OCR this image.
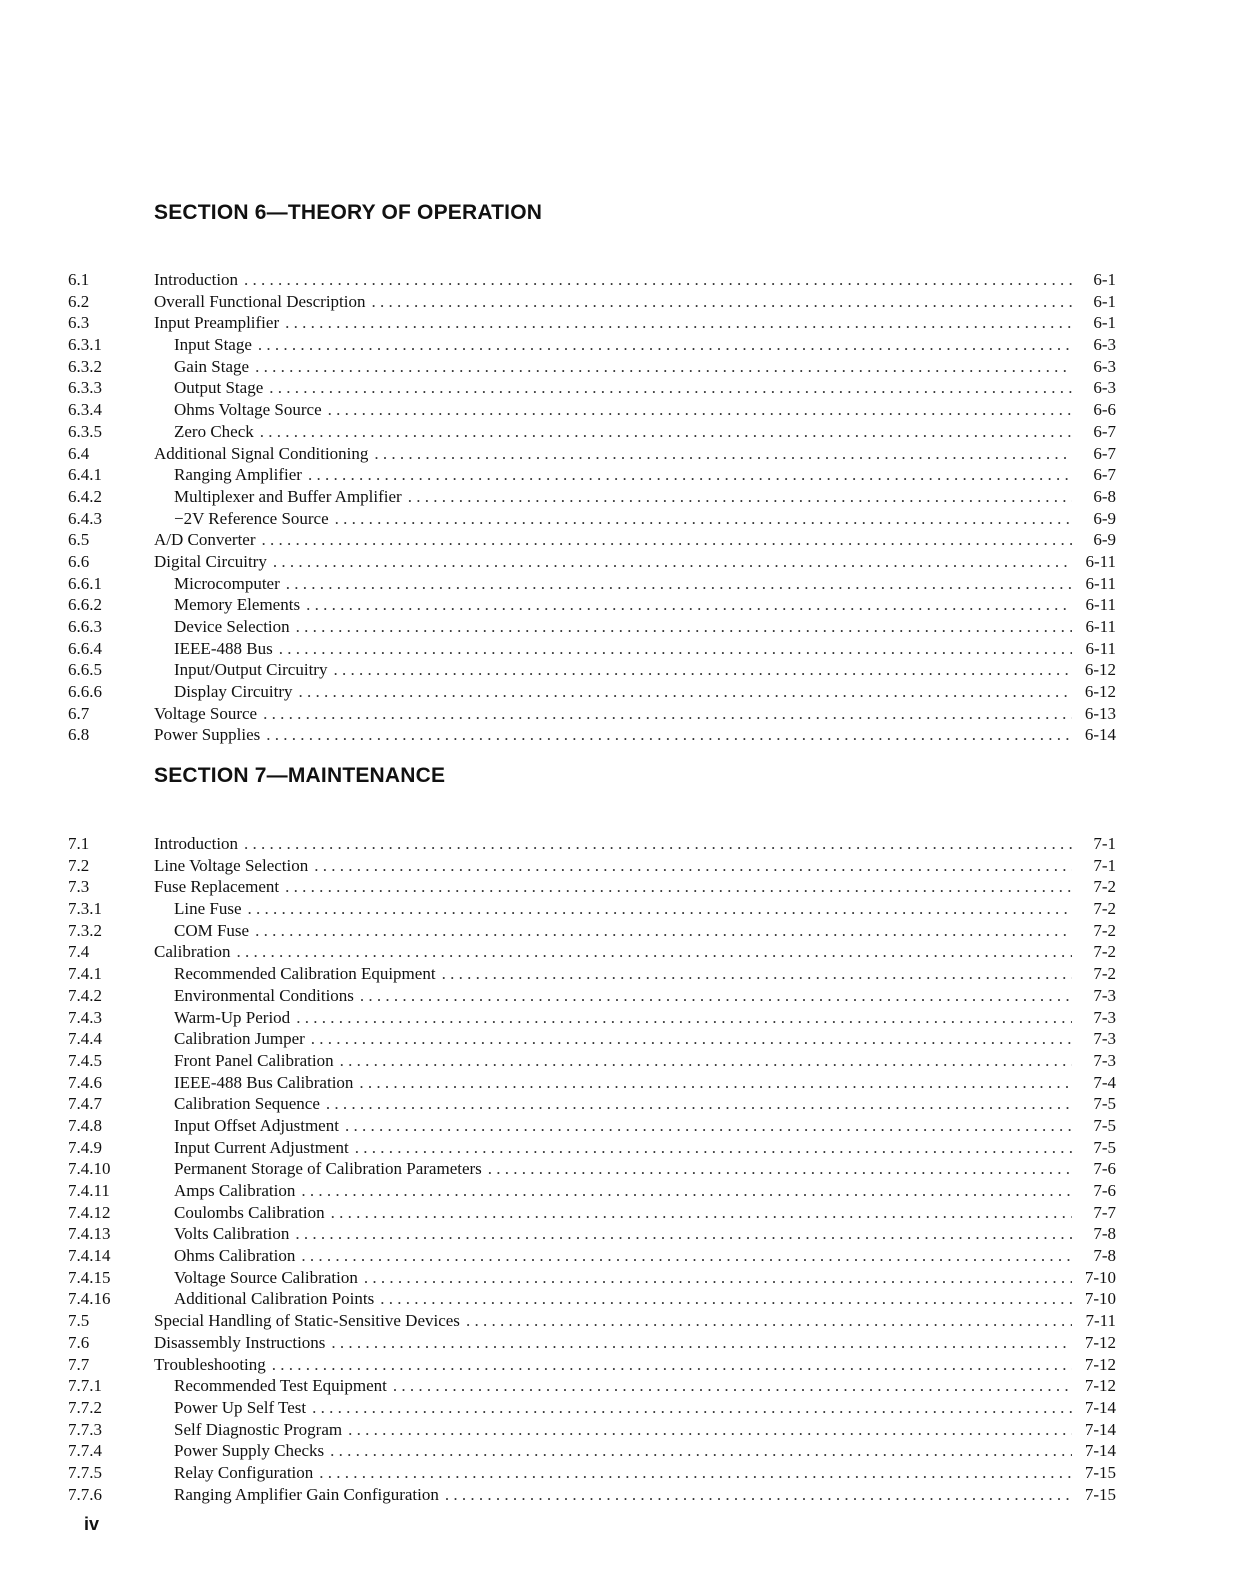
SECTION 6—THEORY OF OPERATION
6.1	Introduction . . .	6-1
6.2	Overall Functional Description . . .	6-1
6.3	Input Preamplifier . . .	6-1
6.3.1	Input Stage . . .	6-3
6.3.2	Gain Stage . . .	6-3
6.3.3	Output Stage . . .	6-3
6.3.4	Ohms Voltage Source . . .	6-6
6.3.5	Zero Check . . .	6-7
6.4	Additional Signal Conditioning . . .	6-7
6.4.1	Ranging Amplifier . . .	6-7
6.4.2	Multiplexer and Buffer Amplifier . . .	6-8
6.4.3	−2V Reference Source . . .	6-9
6.5	A/D Converter . . .	6-9
6.6	Digital Circuitry . . .	6-11
6.6.1	Microcomputer . . .	6-11
6.6.2	Memory Elements . . .	6-11
6.6.3	Device Selection . . .	6-11
6.6.4	IEEE-488 Bus . . .	6-11
6.6.5	Input/Output Circuitry . . .	6-12
6.6.6	Display Circuitry . . .	6-12
6.7	Voltage Source . . .	6-13
6.8	Power Supplies . . .	6-14
SECTION 7—MAINTENANCE
7.1	Introduction . . .	7-1
7.2	Line Voltage Selection . . .	7-1
7.3	Fuse Replacement . . .	7-2
7.3.1	Line Fuse . . .	7-2
7.3.2	COM Fuse . . .	7-2
7.4	Calibration . . .	7-2
7.4.1	Recommended Calibration Equipment . . .	7-2
7.4.2	Environmental Conditions . . .	7-3
7.4.3	Warm-Up Period . . .	7-3
7.4.4	Calibration Jumper . . .	7-3
7.4.5	Front Panel Calibration . . .	7-3
7.4.6	IEEE-488 Bus Calibration . . .	7-4
7.4.7	Calibration Sequence . . .	7-5
7.4.8	Input Offset Adjustment . . .	7-5
7.4.9	Input Current Adjustment . . .	7-5
7.4.10	Permanent Storage of Calibration Parameters . . .	7-6
7.4.11	Amps Calibration . . .	7-6
7.4.12	Coulombs Calibration . . .	7-7
7.4.13	Volts Calibration . . .	7-8
7.4.14	Ohms Calibration . . .	7-8
7.4.15	Voltage Source Calibration . . .	7-10
7.4.16	Additional Calibration Points . . .	7-10
7.5	Special Handling of Static-Sensitive Devices . . .	7-11
7.6	Disassembly Instructions . . .	7-12
7.7	Troubleshooting . . .	7-12
7.7.1	Recommended Test Equipment . . .	7-12
7.7.2	Power Up Self Test . . .	7-14
7.7.3	Self Diagnostic Program . . .	7-14
7.7.4	Power Supply Checks . . .	7-14
7.7.5	Relay Configuration . . .	7-15
7.7.6	Ranging Amplifier Gain Configuration . . .	7-15
iv
